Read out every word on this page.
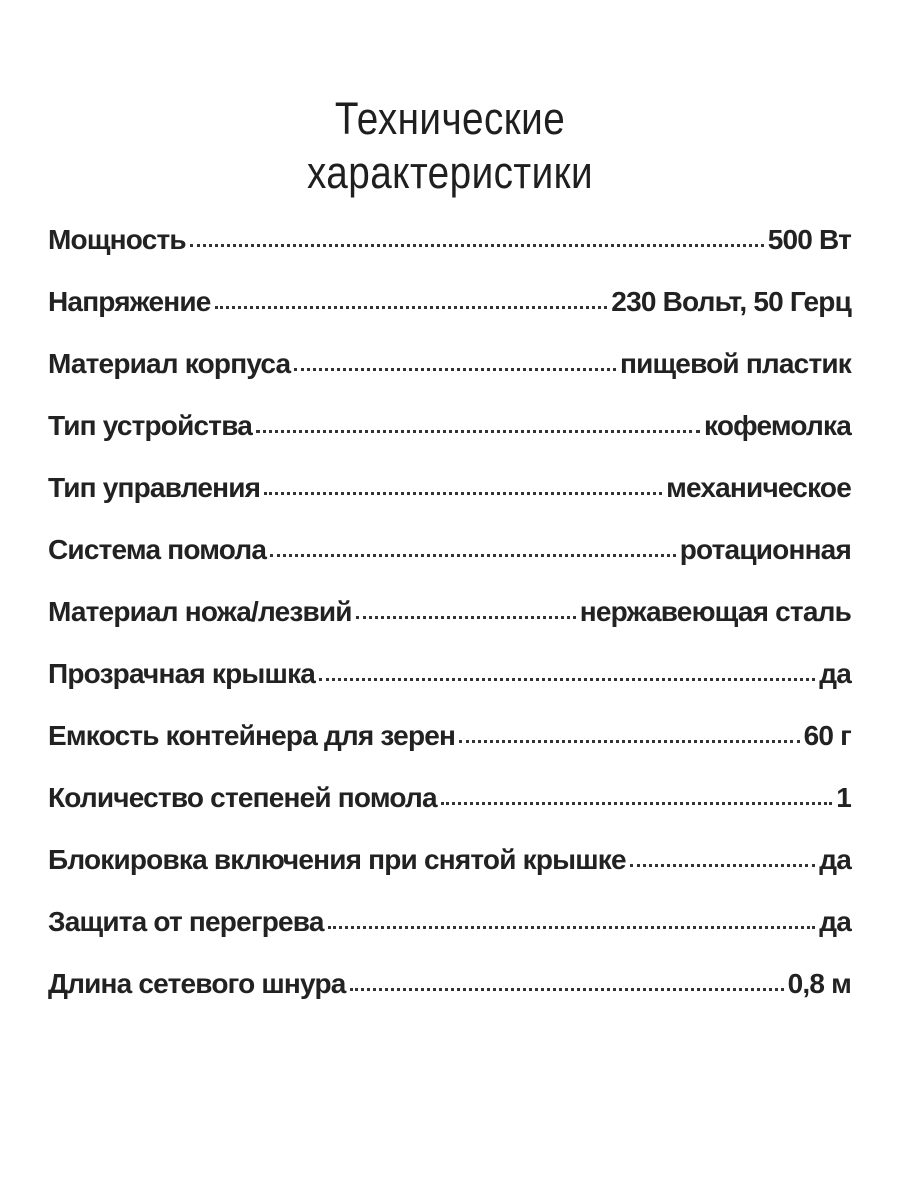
Технические
характеристики
Мощность	500 Вт
Напряжение	230 Вольт, 50 Герц
Материал корпуса	пищевой пластик
Тип устройства	кофемолка
Тип управления	механическое
Система помола	ротационная
Материал ножа/лезвий	нержавеющая сталь
Прозрачная крышка	да
Емкость контейнера для зерен	60 г
Количество степеней помола	1
Блокировка включения при снятой крышке	да
Защита от перегрева	да
Длина сетевого шнура	0,8 м
